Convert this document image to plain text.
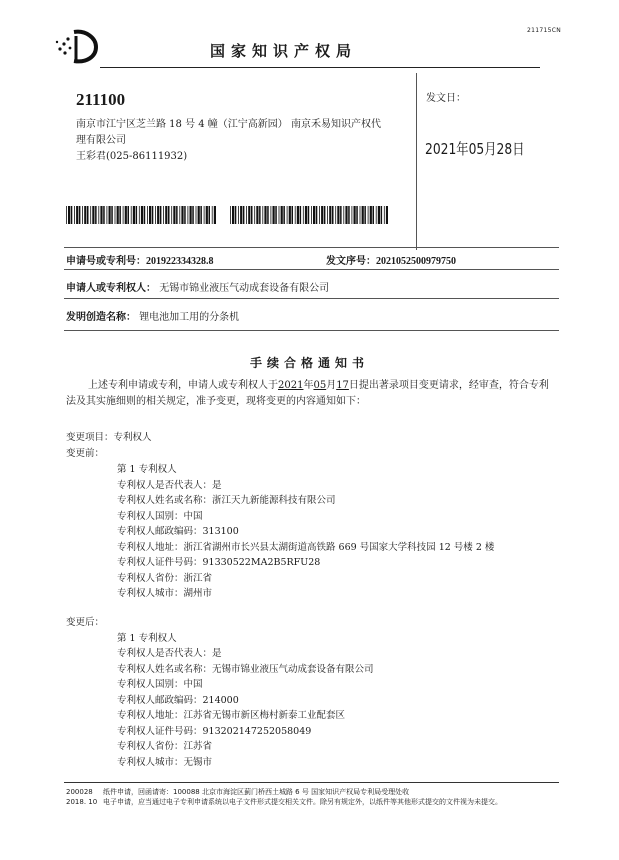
211715CN
国家知识产权局
211100
南京市江宁区芝兰路 18 号 4 幢（江宁高新园） 南京禾易知识产权代
理有限公司
王彩君(025-86111932)
发文日：
2021年05月28日
申请号或专利号：201922334328.8	发文序号：2021052500979750
申请人或专利权人： 无锡市锦业液压气动成套设备有限公司
发明创造名称： 锂电池加工用的分条机
手续合格通知书
上述专利申请或专利，申请人或专利权人于2021年05月17日提出著录项目变更请求，经审查，符合专利法及其实施细则的相关规定，准予变更，现将变更的内容通知如下：
变更项目：专利权人
变更前：
第 1 专利权人
专利权人是否代表人：是
专利权人姓名或名称：浙江天九新能源科技有限公司
专利权人国别：中国
专利权人邮政编码：313100
专利权人地址：浙江省湖州市长兴县太湖街道高铁路 669 号国家大学科技园 12 号楼 2 楼
专利权人证件号码：91330522MA2B5RFU28
专利权人省份：浙江省
专利权人城市：湖州市
变更后：
第 1 专利权人
专利权人是否代表人：是
专利权人姓名或名称：无锡市锦业液压气动成套设备有限公司
专利权人国别：中国
专利权人邮政编码：214000
专利权人地址：江苏省无锡市新区梅村新泰工业配套区
专利权人证件号码：913202147252058049
专利权人省份：江苏省
专利权人城市：无锡市
200028
2018. 10
纸件申请，回函请寄：100088 北京市海淀区蓟门桥西土城路 6 号 国家知识产权局专利局受理处收
电子申请，应当通过电子专利申请系统以电子文件形式提交相关文件。除另有规定外，以纸件等其他形式提交的文件视为未提交。
